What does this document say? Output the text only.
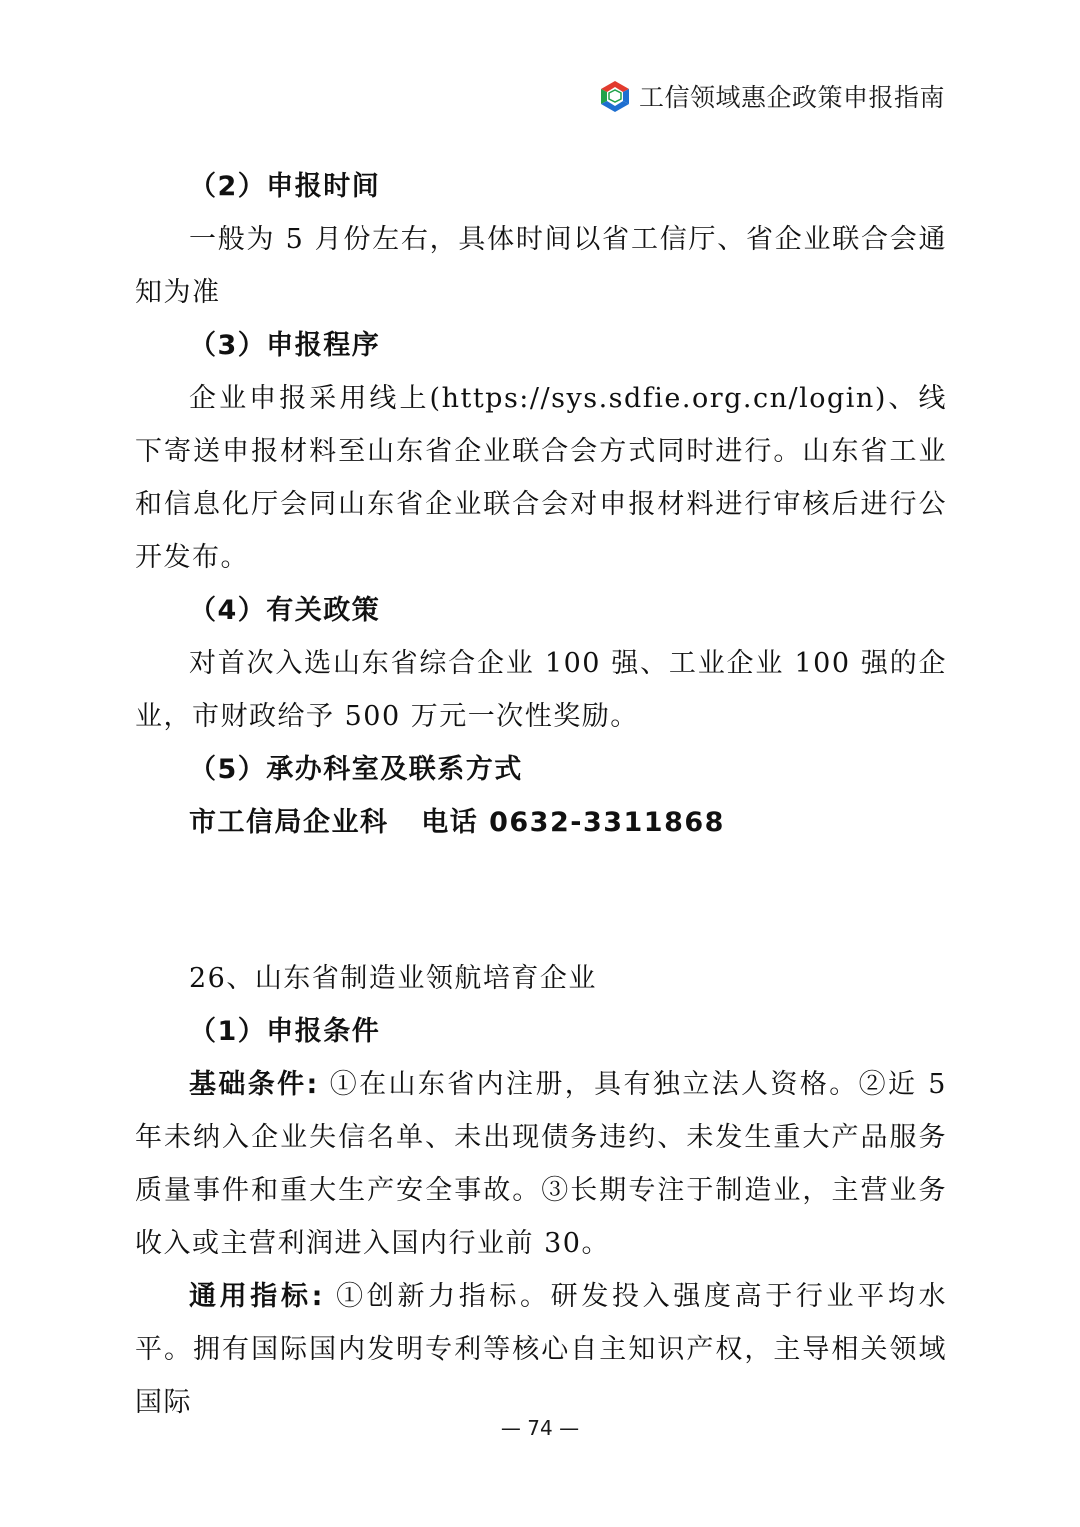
工信领域惠企政策申报指南

（2）申报时间

一般为 5 月份左右，具体时间以省工信厅、省企业联合会通知为准

（3）申报程序

企业申报采用线上(https://sys.sdfie.org.cn/login)、线下寄送申报材料至山东省企业联合会方式同时进行。山东省工业和信息化厅会同山东省企业联合会对申报材料进行审核后进行公开发布。

（4）有关政策

对首次入选山东省综合企业 100 强、工业企业 100 强的企业，市财政给予 500 万元一次性奖励。

（5）承办科室及联系方式

市工信局企业科   电话 0632-3311868

26、山东省制造业领航培育企业

（1）申报条件

基础条件: ①在山东省内注册，具有独立法人资格。②近 5 年未纳入企业失信名单、未出现债务违约、未发生重大产品服务质量事件和重大生产安全事故。③长期专注于制造业，主营业务收入或主营利润进入国内行业前 30。

通用指标: ①创新力指标。研发投入强度高于行业平均水平。拥有国际国内发明专利等核心自主知识产权，主导相关领域国际

— 74 —
